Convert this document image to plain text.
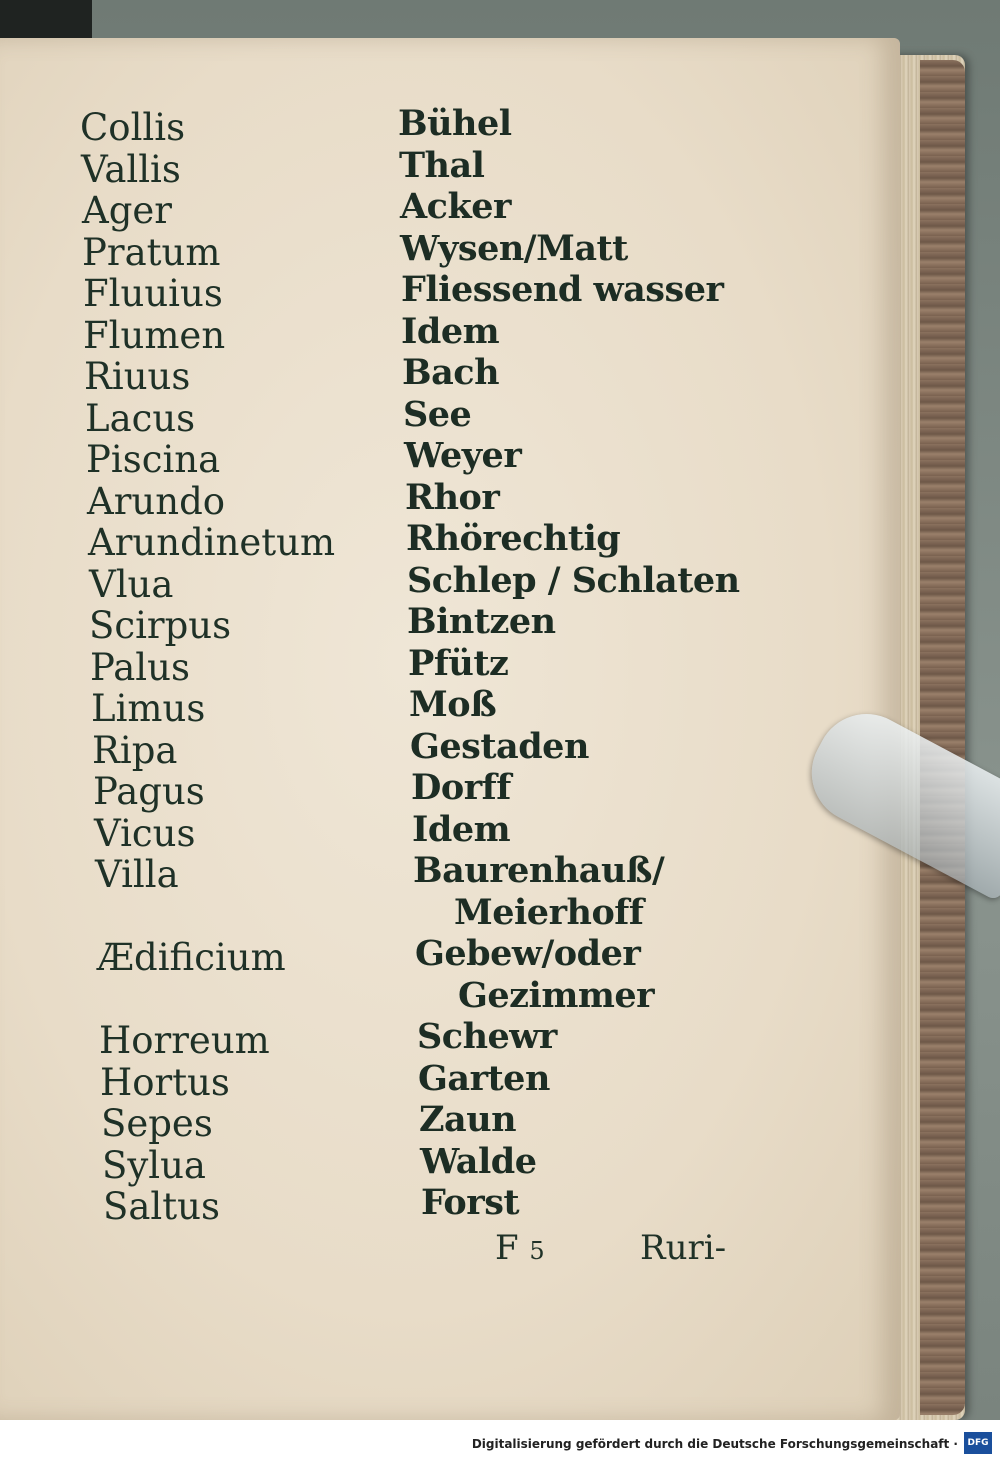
Collis
Vallis
Ager
Pratum
Fluuius
Flumen
Riuus
Lacus
Piscina
Arundo
Arundinetum
Vlua
Scirpus
Palus
Limus
Ripa
Pagus
Vicus
Villa
Ædificium
Horreum
Hortus
Sepes
Sylua
Saltus
Bühel
Thal
Acker
Wysen/Matt
Fliessend wasser
Idem
Bach
See
Weyer
Rhor
Rhörechtig
Schlep / Schlaten
Bintzen
Pfütz
Moß
Gestaden
Dorff
Idem
Baurenhauß/
Meierhoff
Gebew/oder
Gezimmer
Schewr
Garten
Zaun
Walde
Forst
F 5	Ruri-
Digitalisierung gefördert durch die Deutsche Forschungsgemeinschaft ·	DFG
